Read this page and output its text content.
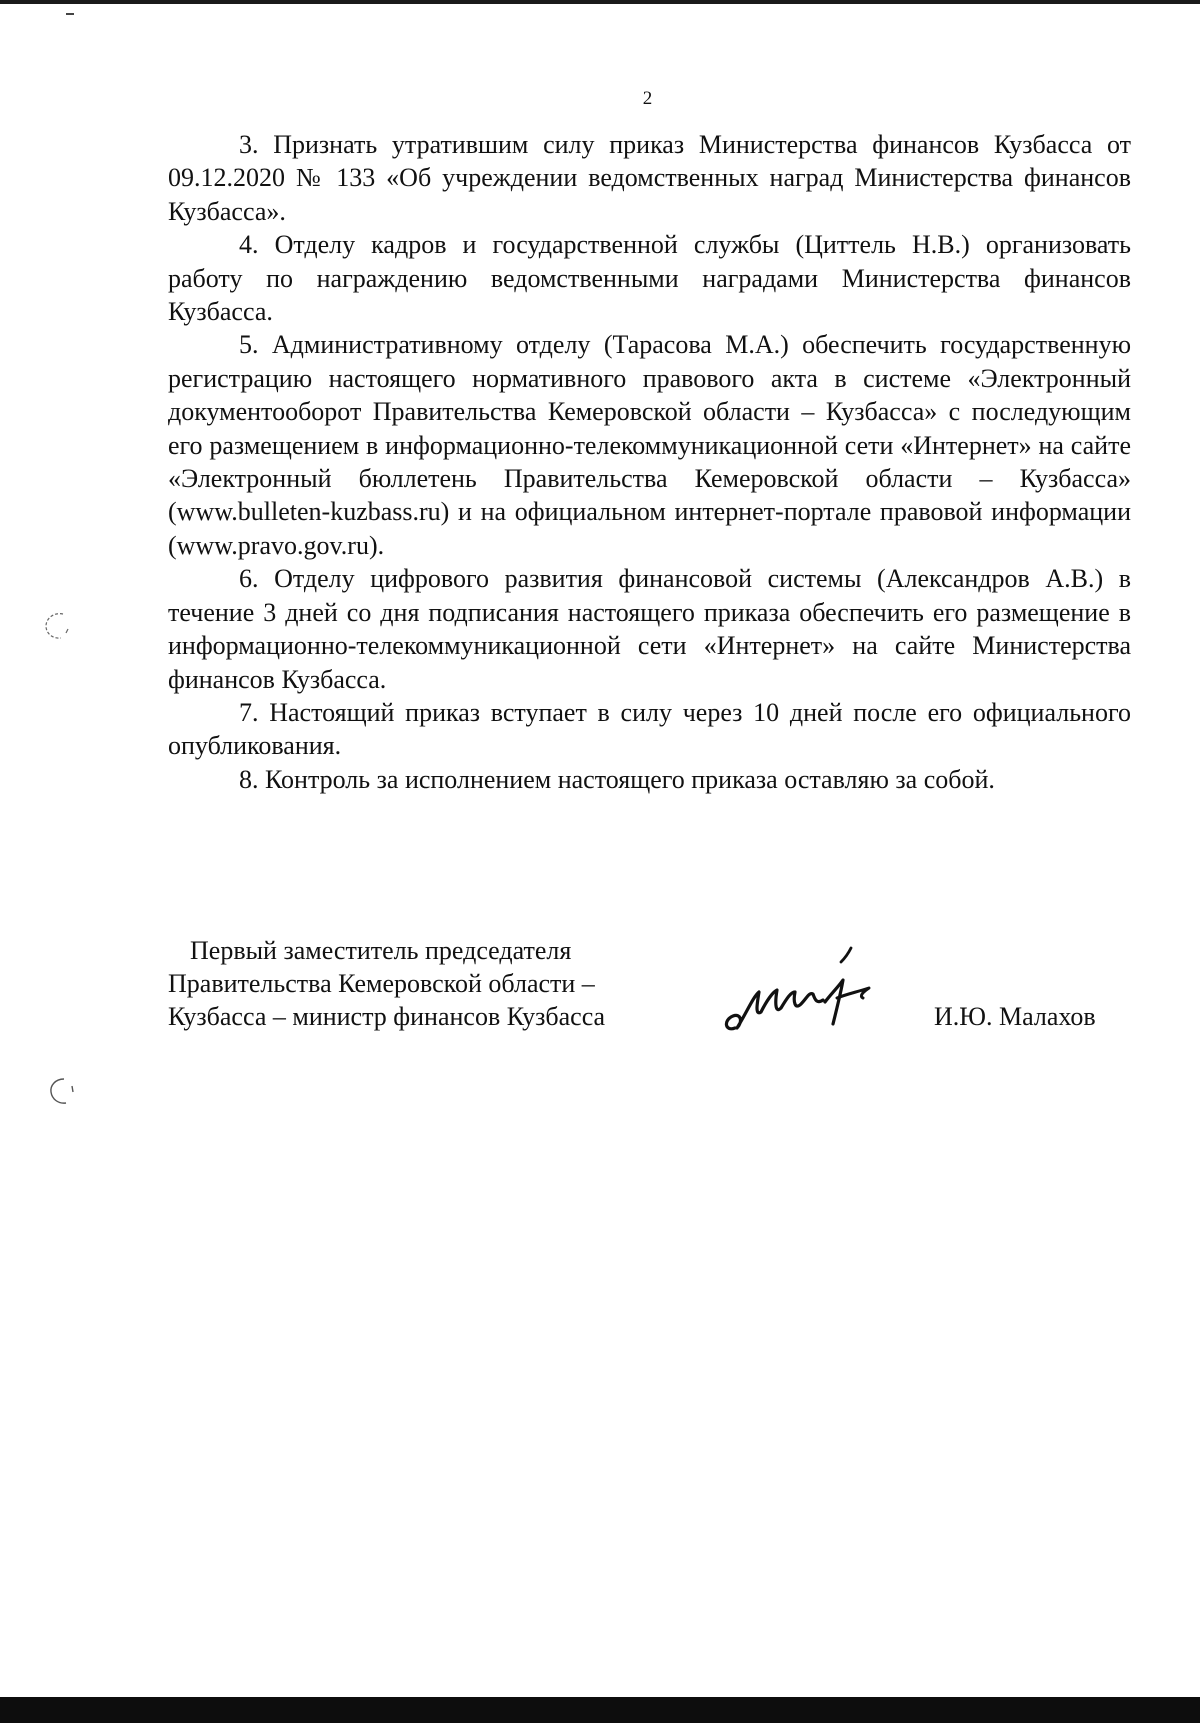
2

3. Признать утратившим силу приказ Министерства финансов Кузбасса от 09.12.2020 № 133 «Об учреждении ведомственных наград Министерства финансов Кузбасса».

4. Отделу кадров и государственной службы (Циттель Н.В.) организовать работу по награждению ведомственными наградами Министерства финансов Кузбасса.

5. Административному отделу (Тарасова М.А.) обеспечить государственную регистрацию настоящего нормативного правового акта в системе «Электронный документооборот Правительства Кемеровской области – Кузбасса» с последующим его размещением в информационно-телекоммуникационной сети «Интернет» на сайте «Электронный бюллетень Правительства Кемеровской области – Кузбасса» (www.bulleten-kuzbass.ru) и на официальном интернет-портале правовой информации (www.pravo.gov.ru).

6. Отделу цифрового развития финансовой системы (Александров А.В.) в течение 3 дней со дня подписания настоящего приказа обеспечить его размещение в информационно-телекоммуникационной сети «Интернет» на сайте Министерства финансов Кузбасса.

7. Настоящий приказ вступает в силу через 10 дней после его официального опубликования.

8. Контроль за исполнением настоящего приказа оставляю за собой.

Первый заместитель председателя
Правительства Кемеровской области –
Кузбасса – министр финансов Кузбасса	И.Ю. Малахов
